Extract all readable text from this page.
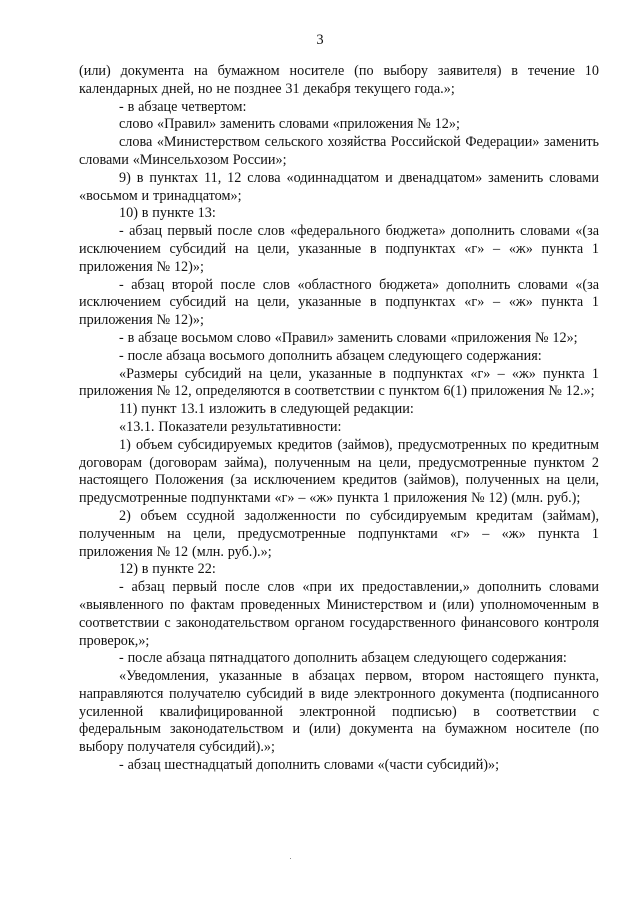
3

(или) документа на бумажном носителе (по выбору заявителя) в течение 10 календарных дней, но не позднее 31 декабря текущего года.»;

- в абзаце четвертом:

слово «Правил» заменить словами «приложения № 12»;

слова «Министерством сельского хозяйства Российской Федерации» заменить словами «Минсельхозом России»;

9) в пунктах 11, 12 слова «одиннадцатом и двенадцатом» заменить словами «восьмом и тринадцатом»;

10) в пункте 13:

- абзац первый после слов «федерального бюджета» дополнить словами «(за исключением субсидий на цели, указанные в подпунктах «г» – «ж» пункта 1 приложения № 12)»;

- абзац второй после слов «областного бюджета» дополнить словами «(за исключением субсидий на цели, указанные в подпунктах «г» – «ж» пункта 1 приложения № 12)»;

- в абзаце восьмом слово «Правил» заменить словами «приложения № 12»;

- после абзаца восьмого дополнить абзацем следующего содержания:

«Размеры субсидий на цели, указанные в подпунктах «г» – «ж» пункта 1 приложения № 12, определяются в соответствии с пунктом 6(1) приложения № 12.»;

11) пункт 13.1 изложить в следующей редакции:

«13.1. Показатели результативности:

1) объем субсидируемых кредитов (займов), предусмотренных по кредитным договорам (договорам займа), полученным на цели, предусмотренные пунктом 2 настоящего Положения (за исключением кредитов (займов), полученных на цели, предусмотренные подпунктами «г» – «ж» пункта 1 приложения № 12) (млн. руб.);

2) объем ссудной задолженности по субсидируемым кредитам (займам), полученным на цели, предусмотренные подпунктами «г» – «ж» пункта 1 приложения № 12 (млн. руб.).»;

12) в пункте 22:

- абзац первый после слов «при их предоставлении,» дополнить словами «выявленного по фактам проведенных Министерством и (или) уполномоченным в соответствии с законодательством органом государственного финансового контроля проверок,»;

- после абзаца пятнадцатого дополнить абзацем следующего содержания:

«Уведомления, указанные в абзацах первом, втором настоящего пункта, направляются получателю субсидий в виде электронного документа (подписанного усиленной квалифицированной электронной подписью) в соответствии с федеральным законодательством и (или) документа на бумажном носителе (по выбору получателя субсидий).»;

- абзац шестнадцатый дополнить словами «(части субсидий)»;
